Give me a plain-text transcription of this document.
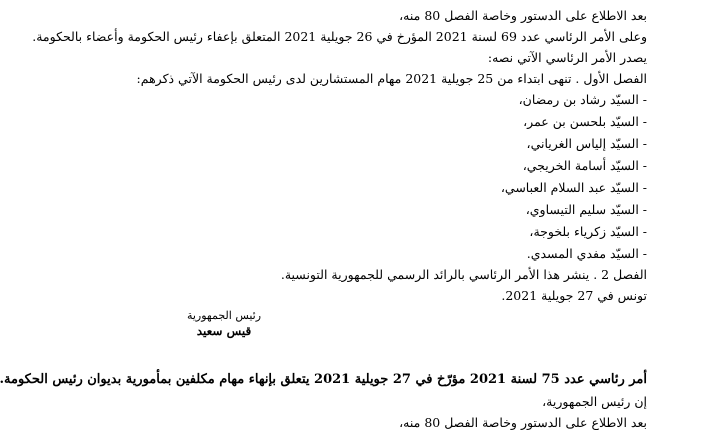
بعد الاطلاع على الدستور وخاصة الفصل 80 منه،
وعلى الأمر الرئاسي عدد 69 لسنة 2021 المؤرخ في 26 جويلية 2021 المتعلق بإعفاء رئيس الحكومة وأعضاء بالحكومة.
يصدر الأمر الرئاسي الآتي نصه:
الفصل الأول . تنهى ابتداء من 25 جويلية 2021 مهام المستشارين لدى رئيس الحكومة الآتي ذكرهم:
- السيّد رشاد بن رمضان،
- السيّد بلحسن بن عمر،
- السيّد إلياس الغرياني،
- السيّد أسامة الخريجي،
- السيّد عبد السلام العباسي،
- السيّد سليم التيساوي،
- السيّد زكرياء بلخوجة،
- السيّد مفدي المسدي.
الفصل 2 . ينشر هذا الأمر الرئاسي بالرائد الرسمي للجمهورية التونسية.
تونس في 27 جويلية 2021.
رئيس الجمهورية
قيس سعيد
أمر رئاسي عدد 75 لسنة 2021 مؤرّخ في 27 جويلية 2021 يتعلق بإنهاء مهام مكلفين بمأمورية بديوان رئيس الحكومة.
إن رئيس الجمهورية،
بعد الاطلاع على الدستور وخاصة الفصل 80 منه،
